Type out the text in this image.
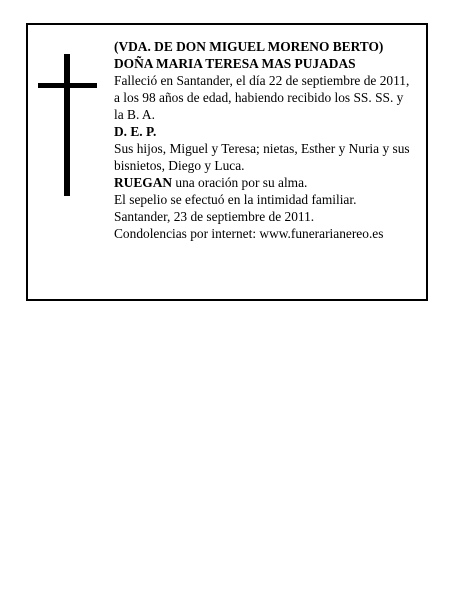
(VDA. DE DON MIGUEL MORENO BERTO)
DOÑA MARIA TERESA MAS PUJADAS
Falleció en Santander, el día 22 de septiembre de 2011,
a los 98 años de edad, habiendo recibido los SS. SS. y
la B. A.
D. E. P.
Sus hijos, Miguel y Teresa; nietas, Esther y Nuria y sus
bisnietos, Diego y Luca.
RUEGAN una oración por su alma.
El sepelio se efectuó en la intimidad familiar.
Santander, 23 de septiembre de 2011.
Condolencias por internet: www.funerarianereo.es
